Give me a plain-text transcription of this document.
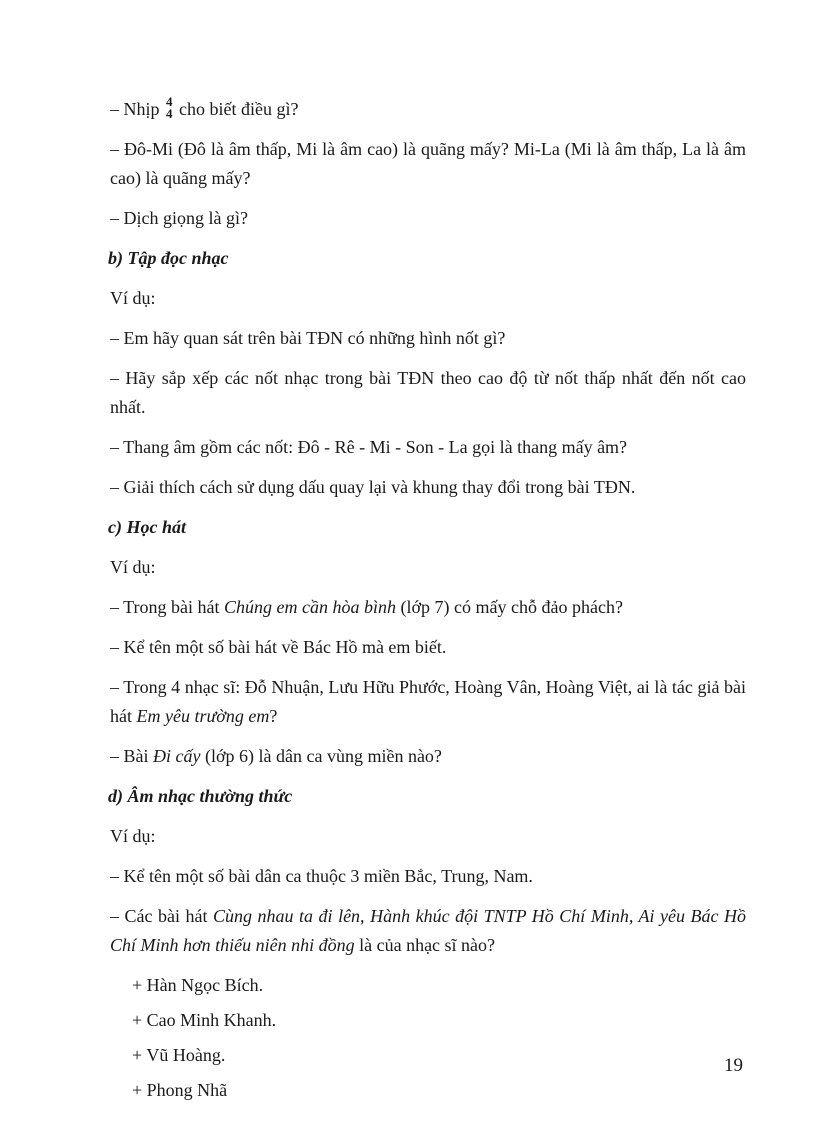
– Nhịp 4
4 cho biết điều gì?

– Đô-Mi (Đô là âm thấp, Mi là âm cao) là quãng mấy? Mi-La (Mi là âm thấp, La là âm cao) là quãng mấy?

– Dịch giọng là gì?

b) Tập đọc nhạc

Ví dụ:

– Em hãy quan sát trên bài TĐN có những hình nốt gì?

– Hãy sắp xếp các nốt nhạc trong bài TĐN theo cao độ từ nốt thấp nhất đến nốt cao nhất.

– Thang âm gồm các nốt: Đô - Rê - Mi - Son - La gọi là thang mấy âm?

– Giải thích cách sử dụng dấu quay lại và khung thay đổi trong bài TĐN.

c) Học hát

Ví dụ:

– Trong bài hát Chúng em cần hòa bình (lớp 7) có mấy chỗ đảo phách?

– Kể tên một số bài hát về Bác Hồ mà em biết.

– Trong 4 nhạc sĩ: Đỗ Nhuận, Lưu Hữu Phước, Hoàng Vân, Hoàng Việt, ai là tác giả bài hát Em yêu trường em?

– Bài Đi cấy (lớp 6) là dân ca vùng miền nào?

d) Âm nhạc thường thức

Ví dụ:

– Kể tên một số bài dân ca thuộc 3 miền Bắc, Trung, Nam.

– Các bài hát Cùng nhau ta đi lên, Hành khúc đội TNTP Hồ Chí Minh, Ai yêu Bác Hồ Chí Minh hơn thiếu niên nhi đồng là của nhạc sĩ nào?

+ Hàn Ngọc Bích.

+ Cao Minh Khanh.

+ Vũ Hoàng.

+ Phong Nhã

19
